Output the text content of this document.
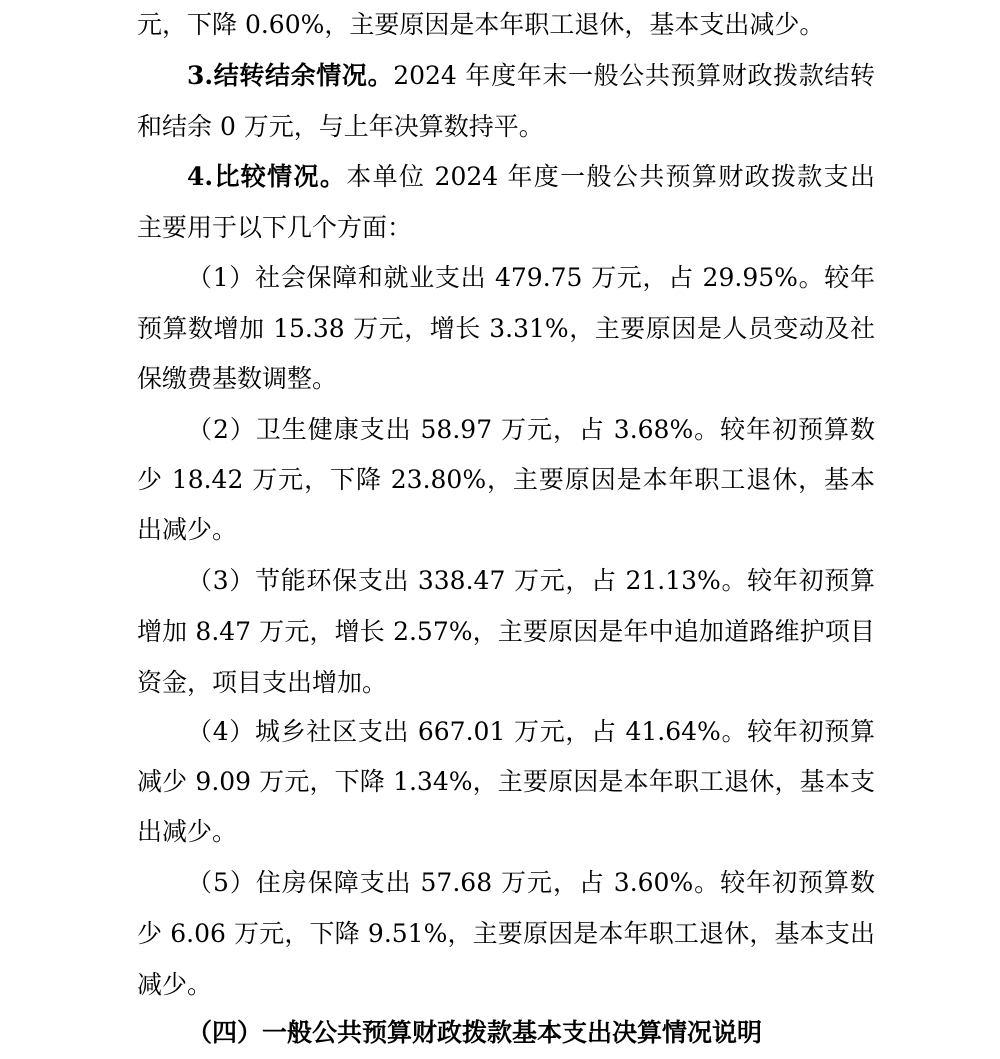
元，下降 0.60%，主要原因是本年职工退休，基本支出减少。
3.结转结余情况。2024 年度年末一般公共预算财政拨款结转
和结余 0 万元，与上年决算数持平。
4.比较情况。本单位 2024 年度一般公共预算财政拨款支出
主要用于以下几个方面：
（1）社会保障和就业支出 479.75 万元，占 29.95%。较年
预算数增加 15.38 万元，增长 3.31%，主要原因是人员变动及社
保缴费基数调整。
（2）卫生健康支出 58.97 万元，占 3.68%。较年初预算数
少 18.42 万元，下降 23.80%，主要原因是本年职工退休，基本
出减少。
（3）节能环保支出 338.47 万元，占 21.13%。较年初预算
增加 8.47 万元，增长 2.57%，主要原因是年中追加道路维护项目
资金，项目支出增加。
（4）城乡社区支出 667.01 万元，占 41.64%。较年初预算
减少 9.09 万元，下降 1.34%，主要原因是本年职工退休，基本支
出减少。
（5）住房保障支出 57.68 万元，占 3.60%。较年初预算数
少 6.06 万元，下降 9.51%，主要原因是本年职工退休，基本支出
减少。
（四）一般公共预算财政拨款基本支出决算情况说明
